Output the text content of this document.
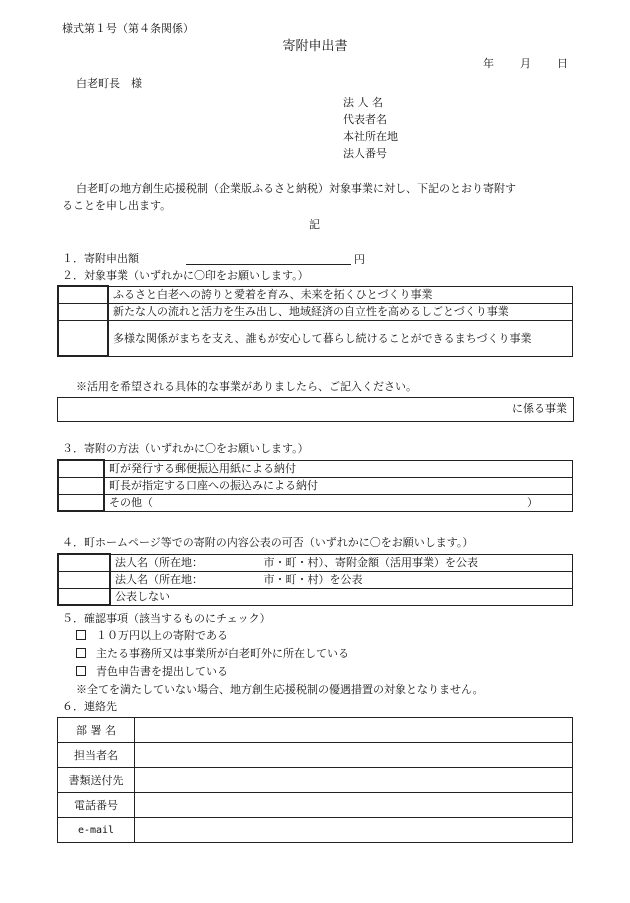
様式第１号（第４条関係）
寄附申出書
年 月 日
白老町長　様
法 人 名
代表者名
本社所在地
法人番号
白老町の地方創生応援税制（企業版ふるさと納税）対象事業に対し、下記のとおり寄附す
ることを申し出ます。
記
１．寄附申出額	円
２．対象事業（いずれかに〇印をお願いします。）
	ふるさと白老への誇りと愛着を育み、未来を拓くひとづくり事業
	新たな人の流れと活力を生み出し、地域経済の自立性を高めるしごとづくり事業
	多様な関係がまちを支え、誰もが安心して暮らし続けることができるまちづくり事業
※活用を希望される具体的な事業がありましたら、ご記入ください。
に係る事業
３．寄附の方法（いずれかに〇をお願いします。）
	町が発行する郵便振込用紙による納付
	町長が指定する口座への振込みによる納付
	その他（ ）
４．町ホームページ等での寄附の内容公表の可否（いずれかに〇をお願いします。）
	法人名（所在地：　　　　　　市・町・村）、寄附金額（活用事業）を公表
	法人名（所在地：　　　　　　市・町・村）を公表
	公表しない
５．確認事項（該当するものにチェック）
１０万円以上の寄附である
主たる事務所又は事業所が白老町外に所在している
青色申告書を提出している
※全てを満たしていない場合、地方創生応援税制の優遇措置の対象となりません。
６．連絡先
部 署 名	
担当者名	
書類送付先	
電話番号	
e-mail	
